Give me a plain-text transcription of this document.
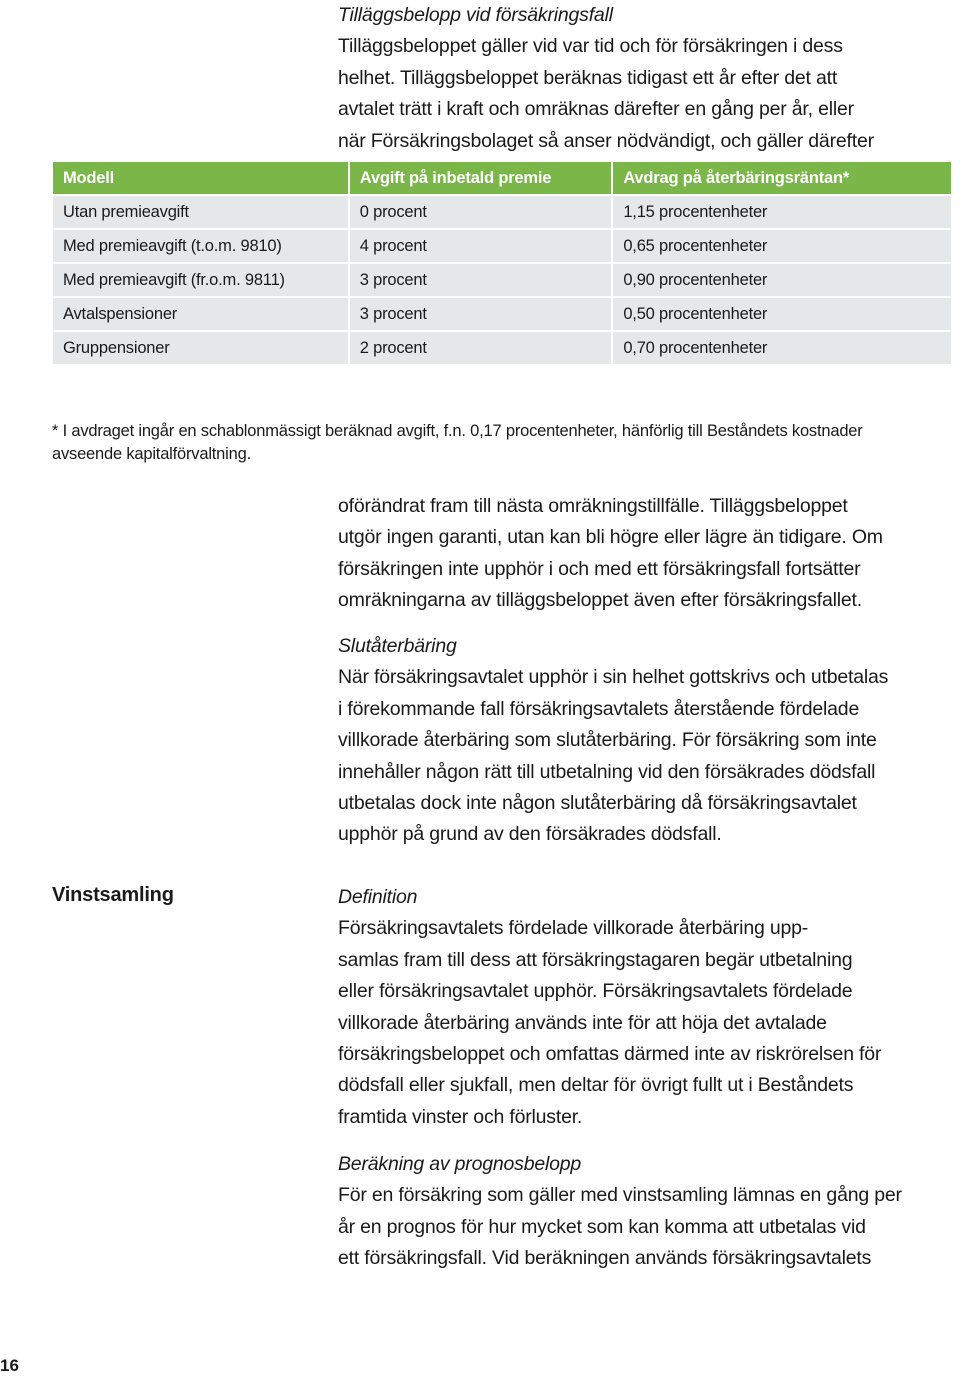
Tilläggsbelopp vid försäkringsfall

Tilläggsbeloppet gäller vid var tid och för försäkringen i dess

helhet. Tilläggsbeloppet beräknas tidigast ett år efter det att

avtalet trätt i kraft och omräknas därefter en gång per år, eller

när Försäkringsbolaget så anser nödvändigt, och gäller därefter

Modell	Avgift på inbetald premie	Avdrag på återbäringsräntan*
Utan premieavgift	0 procent	1,15 procentenheter
Med premieavgift (t.o.m. 9810)	4 procent	0,65 procentenheter
Med premieavgift (fr.o.m. 9811)	3 procent	0,90 procentenheter
Avtalspensioner	3 procent	0,50 procentenheter
Gruppensioner	2 procent	0,70 procentenheter
* I avdraget ingår en schablonmässigt beräknad avgift, f.n. 0,17 procentenheter, hänförlig till Beståndets kostnader
avseende kapitalförvaltning.

oförändrat fram till nästa omräkningstillfälle. Tilläggsbeloppet

utgör ingen garanti, utan kan bli högre eller lägre än tidigare. Om

försäkringen inte upphör i och med ett försäkringsfall fortsätter

omräkningarna av tilläggsbeloppet även efter försäkringsfallet.

Slutåterbäring

När försäkringsavtalet upphör i sin helhet gottskrivs och utbetalas

i förekommande fall försäkringsavtalets återstående fördelade

villkorade återbäring som slutåterbäring. För försäkring som inte

innehåller någon rätt till utbetalning vid den försäkrades dödsfall

utbetalas dock inte någon slutåterbäring då försäkringsavtalet

upphör på grund av den försäkrades dödsfall.

Vinstsamling	Definition

Försäkringsavtalets fördelade villkorade återbäring upp-

samlas fram till dess att försäkringstagaren begär utbetalning

eller försäkringsavtalet upphör. Försäkringsavtalets fördelade

villkorade återbäring används inte för att höja det avtalade

försäkringsbeloppet och omfattas därmed inte av riskrörelsen för

dödsfall eller sjukfall, men deltar för övrigt fullt ut i Beståndets

framtida vinster och förluster.

Beräkning av prognosbelopp

För en försäkring som gäller med vinstsamling lämnas en gång per

år en prognos för hur mycket som kan komma att utbetalas vid

ett försäkringsfall. Vid beräkningen används försäkringsavtalets

16
